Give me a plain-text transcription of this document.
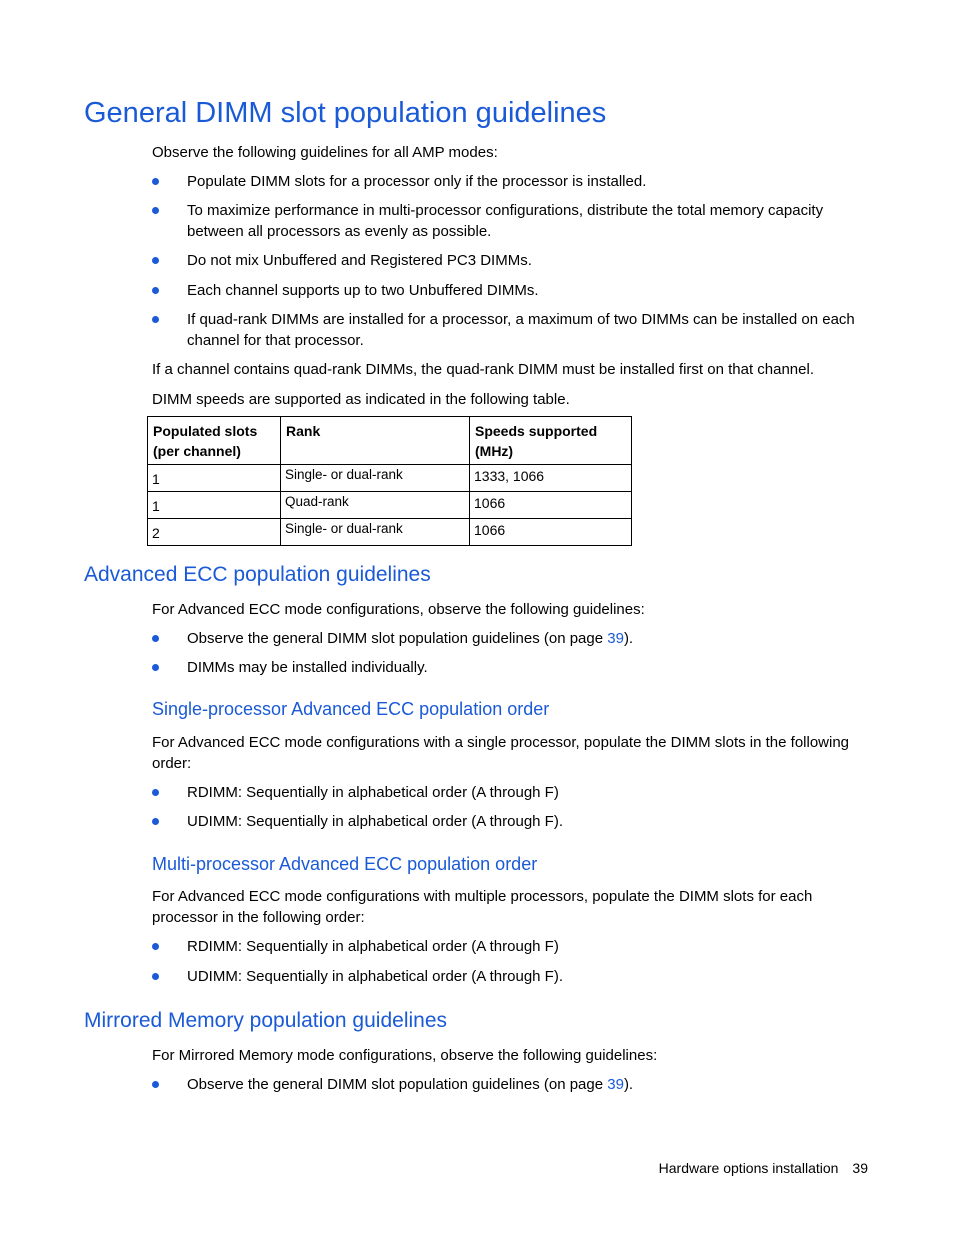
General DIMM slot population guidelines
Observe the following guidelines for all AMP modes:
Populate DIMM slots for a processor only if the processor is installed.
To maximize performance in multi-processor configurations, distribute the total memory capacity between all processors as evenly as possible.
Do not mix Unbuffered and Registered PC3 DIMMs.
Each channel supports up to two Unbuffered DIMMs.
If quad-rank DIMMs are installed for a processor, a maximum of two DIMMs can be installed on each channel for that processor.
If a channel contains quad-rank DIMMs, the quad-rank DIMM must be installed first on that channel.
DIMM speeds are supported as indicated in the following table.
Populated slots (per channel)	Rank	Speeds supported (MHz)
1	Single- or dual-rank	1333, 1066
1	Quad-rank	1066
2	Single- or dual-rank	1066
Advanced ECC population guidelines
For Advanced ECC mode configurations, observe the following guidelines:
Observe the general DIMM slot population guidelines (on page 39).
DIMMs may be installed individually.
Single-processor Advanced ECC population order
For Advanced ECC mode configurations with a single processor, populate the DIMM slots in the following order:
RDIMM: Sequentially in alphabetical order (A through F)
UDIMM: Sequentially in alphabetical order (A through F).
Multi-processor Advanced ECC population order
For Advanced ECC mode configurations with multiple processors, populate the DIMM slots for each processor in the following order:
RDIMM: Sequentially in alphabetical order (A through F)
UDIMM: Sequentially in alphabetical order (A through F).
Mirrored Memory population guidelines
For Mirrored Memory mode configurations, observe the following guidelines:
Observe the general DIMM slot population guidelines (on page 39).
Hardware options installation 39
